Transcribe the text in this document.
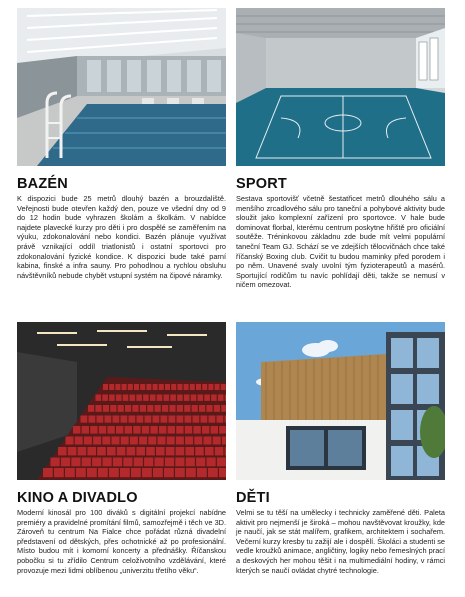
BAZÉN

K dispozici bude 25 metrů dlouhý bazén a brouzdaliště. Veřejnosti bude otevřen každý den, pouze ve všední dny od 9 do 12 hodin bude vyhrazen školám a školkám. V nabídce najdete plavecké kurzy pro děti i pro dospělé se zaměřením na výuku, zdokonalování nebo kondici. Bazén plánuje využívat právě vznikající oddíl triatlonistů i ostatní sportovci pro zdokonalování fyzické kondice. K dispozici bude také parní kabina, finské a infra sauny. Pro pohodlnou a rychlou obsluhu návštěvníků nebude chybět vstupní systém na čipové náramky.

SPORT

Sestava sportovišť včetně šestatřicet metrů dlouhého sálu a menšího zrcadlového sálu pro taneční a pohybové aktivity bude sloužit jako komplexní zařízení pro sportovce. V hale bude dominovat florbal, kterému centrum poskytne hřiště pro oficiální soutěže. Tréninkovou základnu zde bude mít velmi populární taneční Team GJ. Schází se ve zdejších tělocvičnách chce také říčanský Boxing club. Cvičit tu budou maminky před porodem i po něm. Unavené svaly uvolní tým fyzioterapeutů a masérů. Sportující rodičům tu navíc pohlídají děti, takže se nemusí v ničem omezovat.

KINO A DIVADLO

Moderní kinosál pro 100 diváků s digitální projekcí nabídne premiéry a pravidelné promítání filmů, samozřejmě i těch ve 3D. Zároveň tu centrum Na Fialce chce pořádat různá divadelní představení od dětských, přes ochotnické až po profesionální. Místo budou mít i komorní koncerty a přednášky. Říčanskou pobočku si tu zřídilo Centrum celoživotního vzdělávání, které provozuje mezi lidmi oblíbenou „univerzitu třetího věku“.

DĚTI

Velmi se tu těší na umělecky i technicky zaměřené děti. Paleta aktivit pro nejmenší je široká – mohou navštěvovat kroužky, kde je naučí, jak se stát malířem, grafikem, architektem i sochařem. Večerní kurzy kresby tu zažijí ale i dospělí. Školáci a studenti se vedle kroužků animace, angličtiny, logiky nebo řemeslných prací a deskových her mohou těšit i na multimediální hodiny, v rámci kterých se naučí ovládat chytré technologie.
